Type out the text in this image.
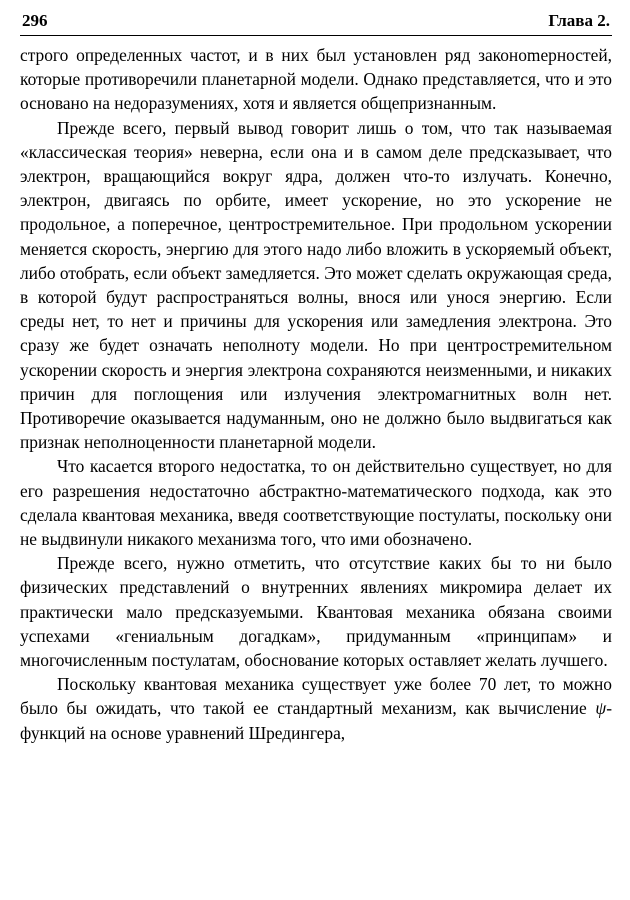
296	Глава 2.

строго определенных частот, и в них был установлен ряд законоmерностей, которые противоречили планетарной модели. Однако представляется, что и это основано на недоразумениях, хотя и является общепризнанным.

Прежде всего, первый вывод говорит лишь о том, что так называемая «классическая теория» неверна, если она и в самом деле предсказывает, что электрон, вращающийся вокруг ядра, должен что-то излучать. Конечно, электрон, двигаясь по орбите, имеет ускорение, но это ускорение не продольное, а поперечное, центростремительное. При продольном ускорении меняется скорость, энергию для этого надо либо вложить в ускоряемый объект, либо отобрать, если объект замедляется. Это может сделать окружающая среда, в которой будут распространяться волны, внося или унося энергию. Если среды нет, то нет и причины для ускорения или замедления электрона. Это сразу же будет означать неполноту модели. Но при центростремительном ускорении скорость и энергия электрона сохраняются неизменными, и никаких причин для поглощения или излучения электромагнитных волн нет. Противоречие оказывается надуманным, оно не должно было выдвигаться как признак неполноценности планетарной модели.

Что касается второго недостатка, то он действительно существует, но для его разрешения недостаточно абстрактно-математического подхода, как это сделала квантовая механика, введя соответствующие постулаты, поскольку они не выдвинули никакого механизма того, что ими обозначено.

Прежде всего, нужно отметить, что отсутствие каких бы то ни было физических представлений о внутренних явлениях микромира делает их практически мало предсказуемыми. Квантовая механика обязана своими успехами «гениальным догадкам», придуманным «принципам» и многочисленным постулатам, обоснование которых оставляет желать лучшего.

Поскольку квантовая механика существует уже более 70 лет, то можно было бы ожидать, что такой ее стандартный механизм, как вычисление ψ-функций на основе уравнений Шредингера,
